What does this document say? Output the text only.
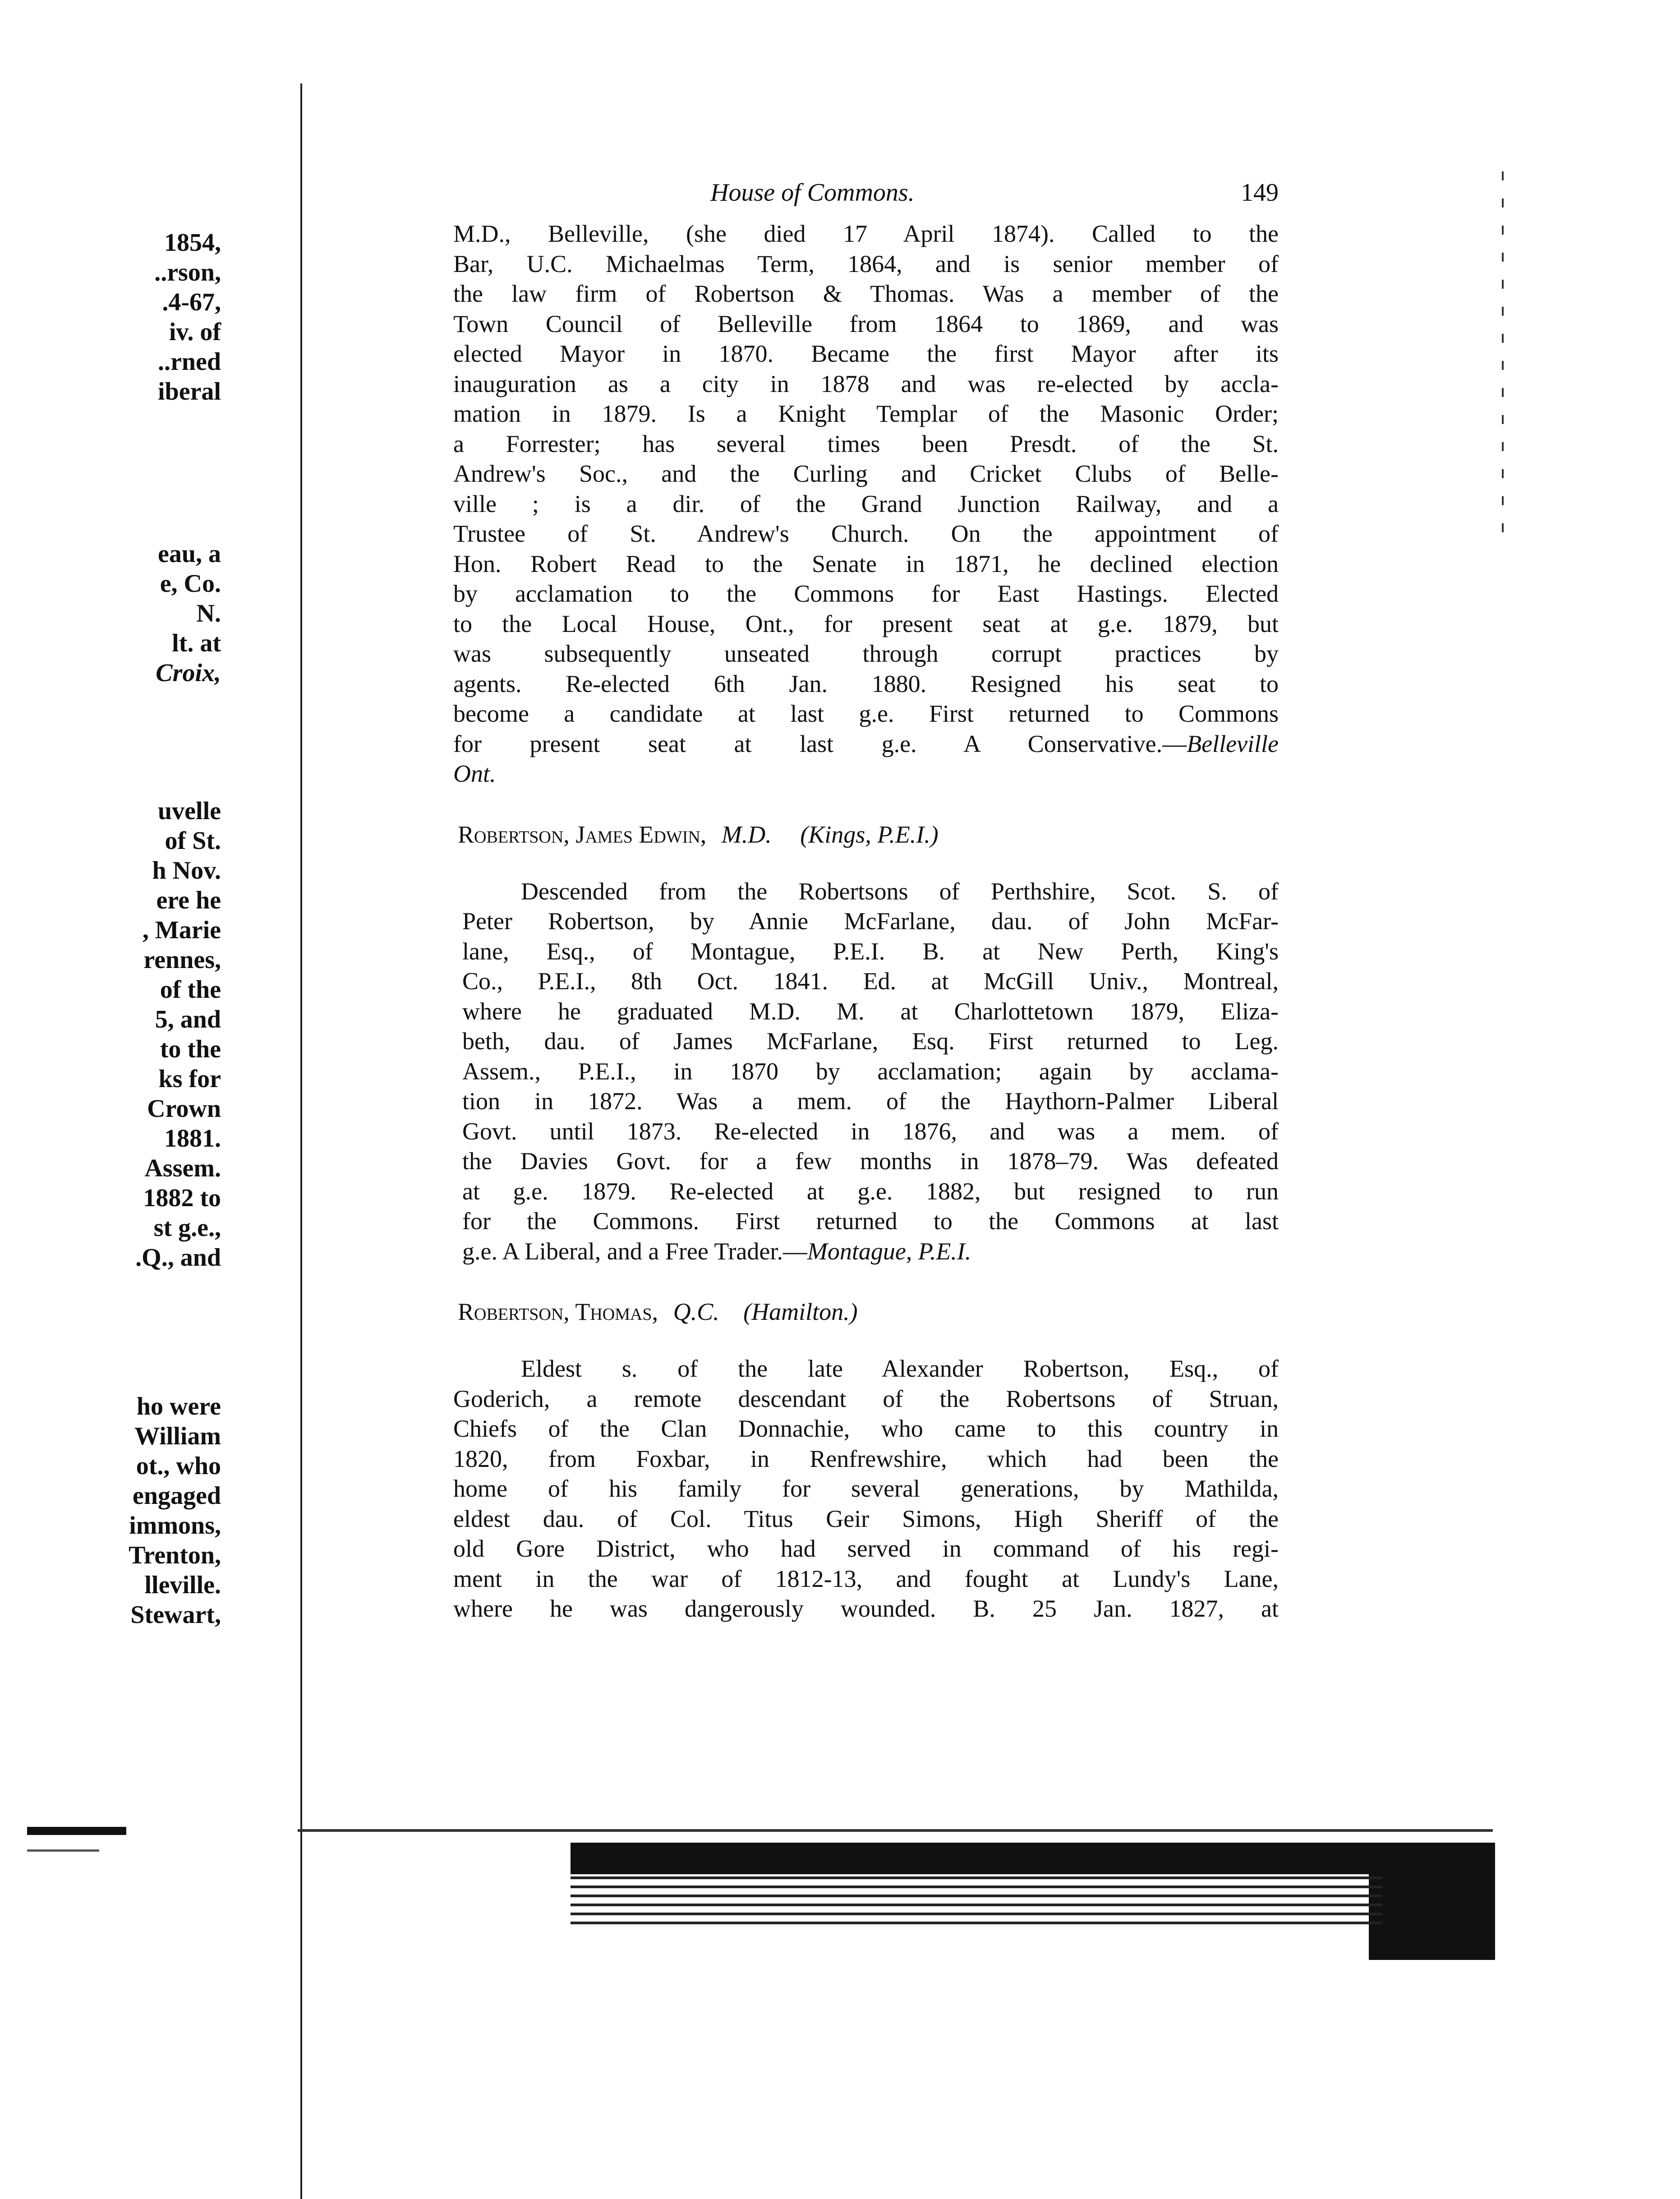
1854,
..rson,
.4-67,
iv. of
..rned
iberal
eau, a
e, Co.
N.
lt. at
Croix,
uvelle
of St.
h Nov.
ere he
, Marie
rennes,
of the
5, and
to the
ks for
Crown
1881.
Assem.
1882 to
st g.e.,
.Q., and
ho were
William
ot., who
engaged
immons,
Trenton,
lleville.
Stewart,
House of Commons.	149
M.D., Belleville, (she died 17 April 1874). Called to the
Bar, U.C. Michaelmas Term, 1864, and is senior member of
the law firm of Robertson & Thomas. Was a member of the
Town Council of Belleville from 1864 to 1869, and was
elected Mayor in 1870. Became the first Mayor after its
inauguration as a city in 1878 and was re-elected by accla-
mation in 1879. Is a Knight Templar of the Masonic Order;
a Forrester; has several times been Presdt. of the St.
Andrew's Soc., and the Curling and Cricket Clubs of Belle-
ville ; is a dir. of the Grand Junction Railway, and a
Trustee of St. Andrew's Church. On the appointment of
Hon. Robert Read to the Senate in 1871, he declined election
by acclamation to the Commons for East Hastings. Elected
to the Local House, Ont., for present seat at g.e. 1879, but
was subsequently unseated through corrupt practices by
agents. Re-elected 6th Jan. 1880. Resigned his seat to
become a candidate at last g.e. First returned to Commons
for present seat at last g.e. A Conservative.—Belleville
Ont.
Robertson, James Edwin, M.D. (Kings, P.E.I.)
Descended from the Robertsons of Perthshire, Scot. S. of
Peter Robertson, by Annie McFarlane, dau. of John McFar-
lane, Esq., of Montague, P.E.I. B. at New Perth, King's
Co., P.E.I., 8th Oct. 1841. Ed. at McGill Univ., Montreal,
where he graduated M.D. M. at Charlottetown 1879, Eliza-
beth, dau. of James McFarlane, Esq. First returned to Leg.
Assem., P.E.I., in 1870 by acclamation; again by acclama-
tion in 1872. Was a mem. of the Haythorn-Palmer Liberal
Govt. until 1873. Re-elected in 1876, and was a mem. of
the Davies Govt. for a few months in 1878–79. Was defeated
at g.e. 1879. Re-elected at g.e. 1882, but resigned to run
for the Commons. First returned to the Commons at last
g.e. A Liberal, and a Free Trader.—Montague, P.E.I.
Robertson, Thomas, Q.C. (Hamilton.)
Eldest s. of the late Alexander Robertson, Esq., of
Goderich, a remote descendant of the Robertsons of Struan,
Chiefs of the Clan Donnachie, who came to this country in
1820, from Foxbar, in Renfrewshire, which had been the
home of his family for several generations, by Mathilda,
eldest dau. of Col. Titus Geir Simons, High Sheriff of the
old Gore District, who had served in command of his regi-
ment in the war of 1812-13, and fought at Lundy's Lane,
where he was dangerously wounded. B. 25 Jan. 1827, at
